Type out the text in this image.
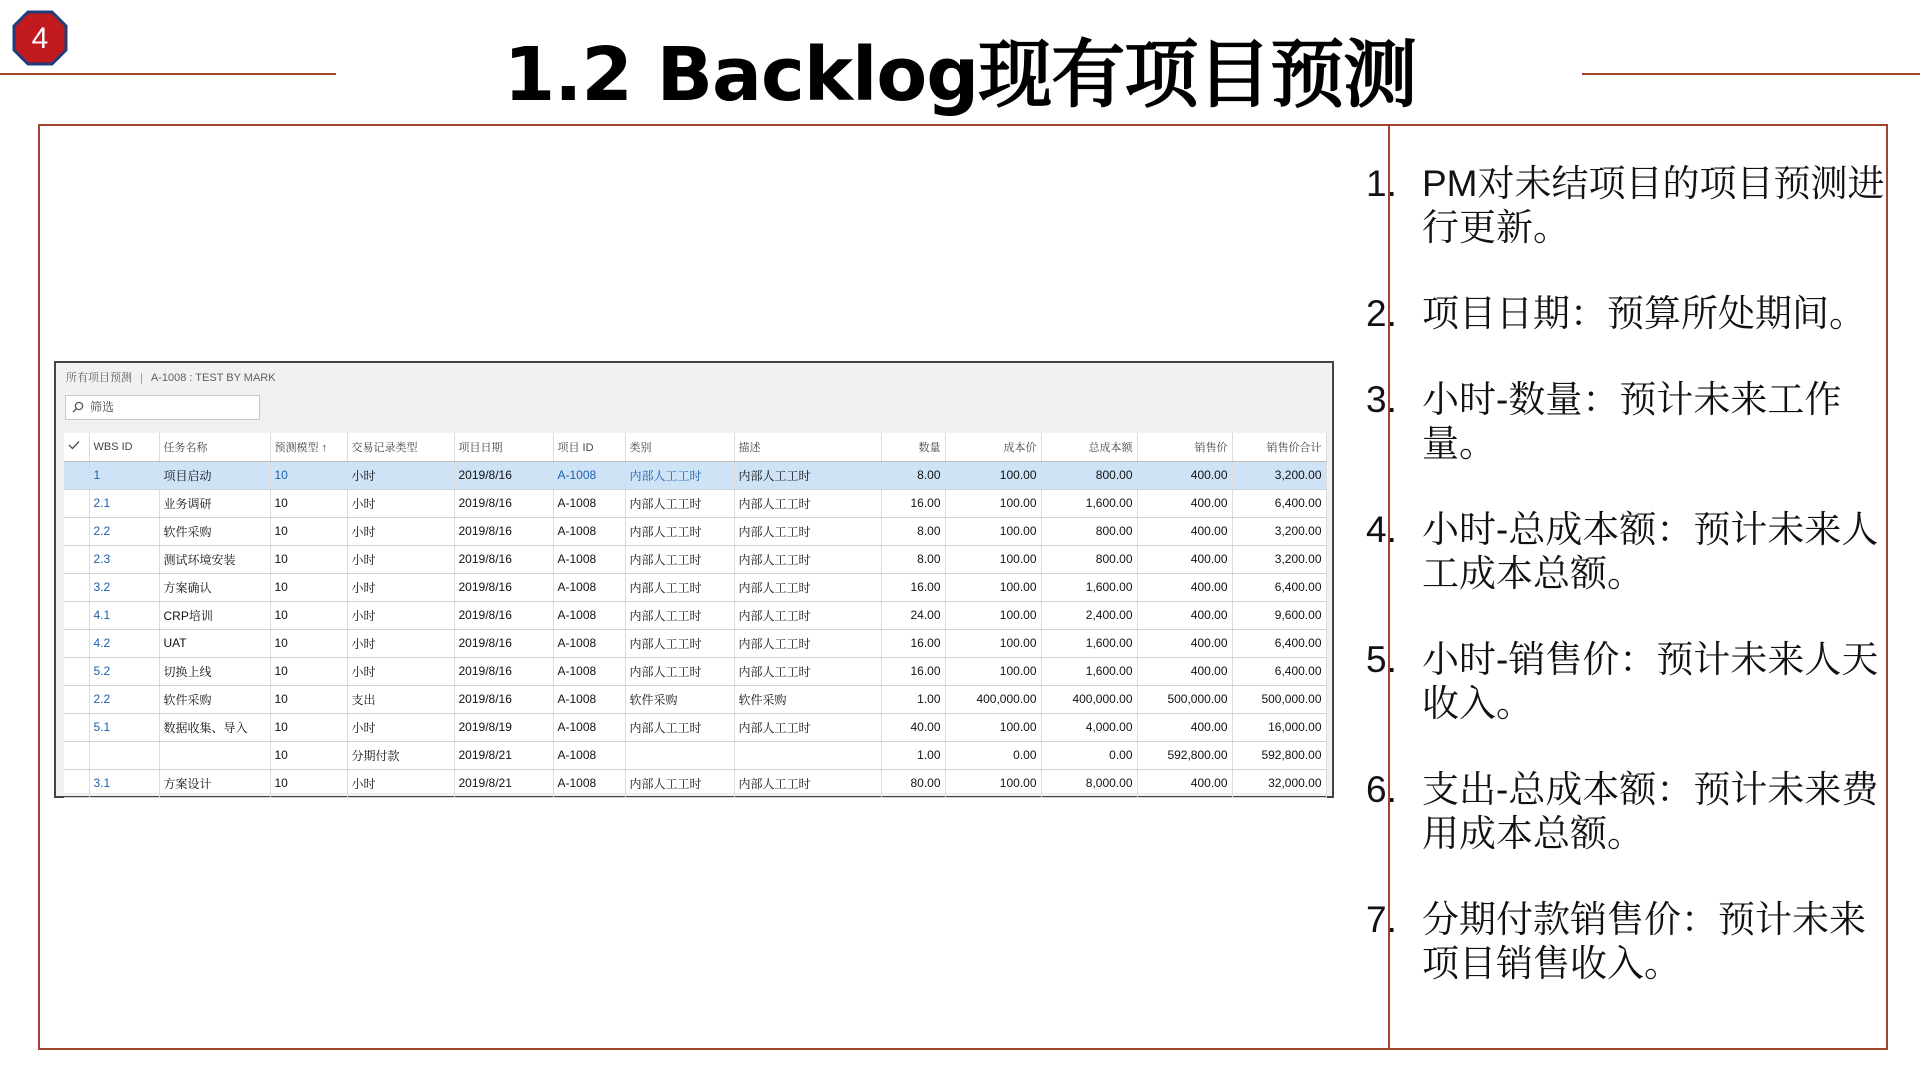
4	1.2 Backlog现有项目预测
所有项目预测 | A-1008 : TEST BY MARK
筛选
	WBS ID	任务名称	预测模型 ↑	交易记录类型	项目日期	项目 ID	类别	描述	数量	成本价	总成本额	销售价	销售价合计
	1	项目启动	10	小时	2019/8/16	A-1008	内部人工工时	内部人工工时	8.00	100.00	800.00	400.00	3,200.00
	2.1	业务调研	10	小时	2019/8/16	A-1008	内部人工工时	内部人工工时	16.00	100.00	1,600.00	400.00	6,400.00
	2.2	软件采购	10	小时	2019/8/16	A-1008	内部人工工时	内部人工工时	8.00	100.00	800.00	400.00	3,200.00
	2.3	测试环境安装	10	小时	2019/8/16	A-1008	内部人工工时	内部人工工时	8.00	100.00	800.00	400.00	3,200.00
	3.2	方案确认	10	小时	2019/8/16	A-1008	内部人工工时	内部人工工时	16.00	100.00	1,600.00	400.00	6,400.00
	4.1	CRP培训	10	小时	2019/8/16	A-1008	内部人工工时	内部人工工时	24.00	100.00	2,400.00	400.00	9,600.00
	4.2	UAT	10	小时	2019/8/16	A-1008	内部人工工时	内部人工工时	16.00	100.00	1,600.00	400.00	6,400.00
	5.2	切换上线	10	小时	2019/8/16	A-1008	内部人工工时	内部人工工时	16.00	100.00	1,600.00	400.00	6,400.00
	2.2	软件采购	10	支出	2019/8/16	A-1008	软件采购	软件采购	1.00	400,000.00	400,000.00	500,000.00	500,000.00
	5.1	数据收集、导入	10	小时	2019/8/19	A-1008	内部人工工时	内部人工工时	40.00	100.00	4,000.00	400.00	16,000.00
			10	分期付款	2019/8/21	A-1008			1.00	0.00	0.00	592,800.00	592,800.00
	3.1	方案设计	10	小时	2019/8/21	A-1008	内部人工工时	内部人工工时	80.00	100.00	8,000.00	400.00	32,000.00
1. PM对未结项目的项目预测进行更新。
2. 项目日期：预算所处期间。
3. 小时-数量：预计未来工作量。
4. 小时-总成本额：预计未来人工成本总额。
5. 小时-销售价：预计未来人天收入。
6. 支出-总成本额：预计未来费用成本总额。
7. 分期付款销售价：预计未来项目销售收入。
